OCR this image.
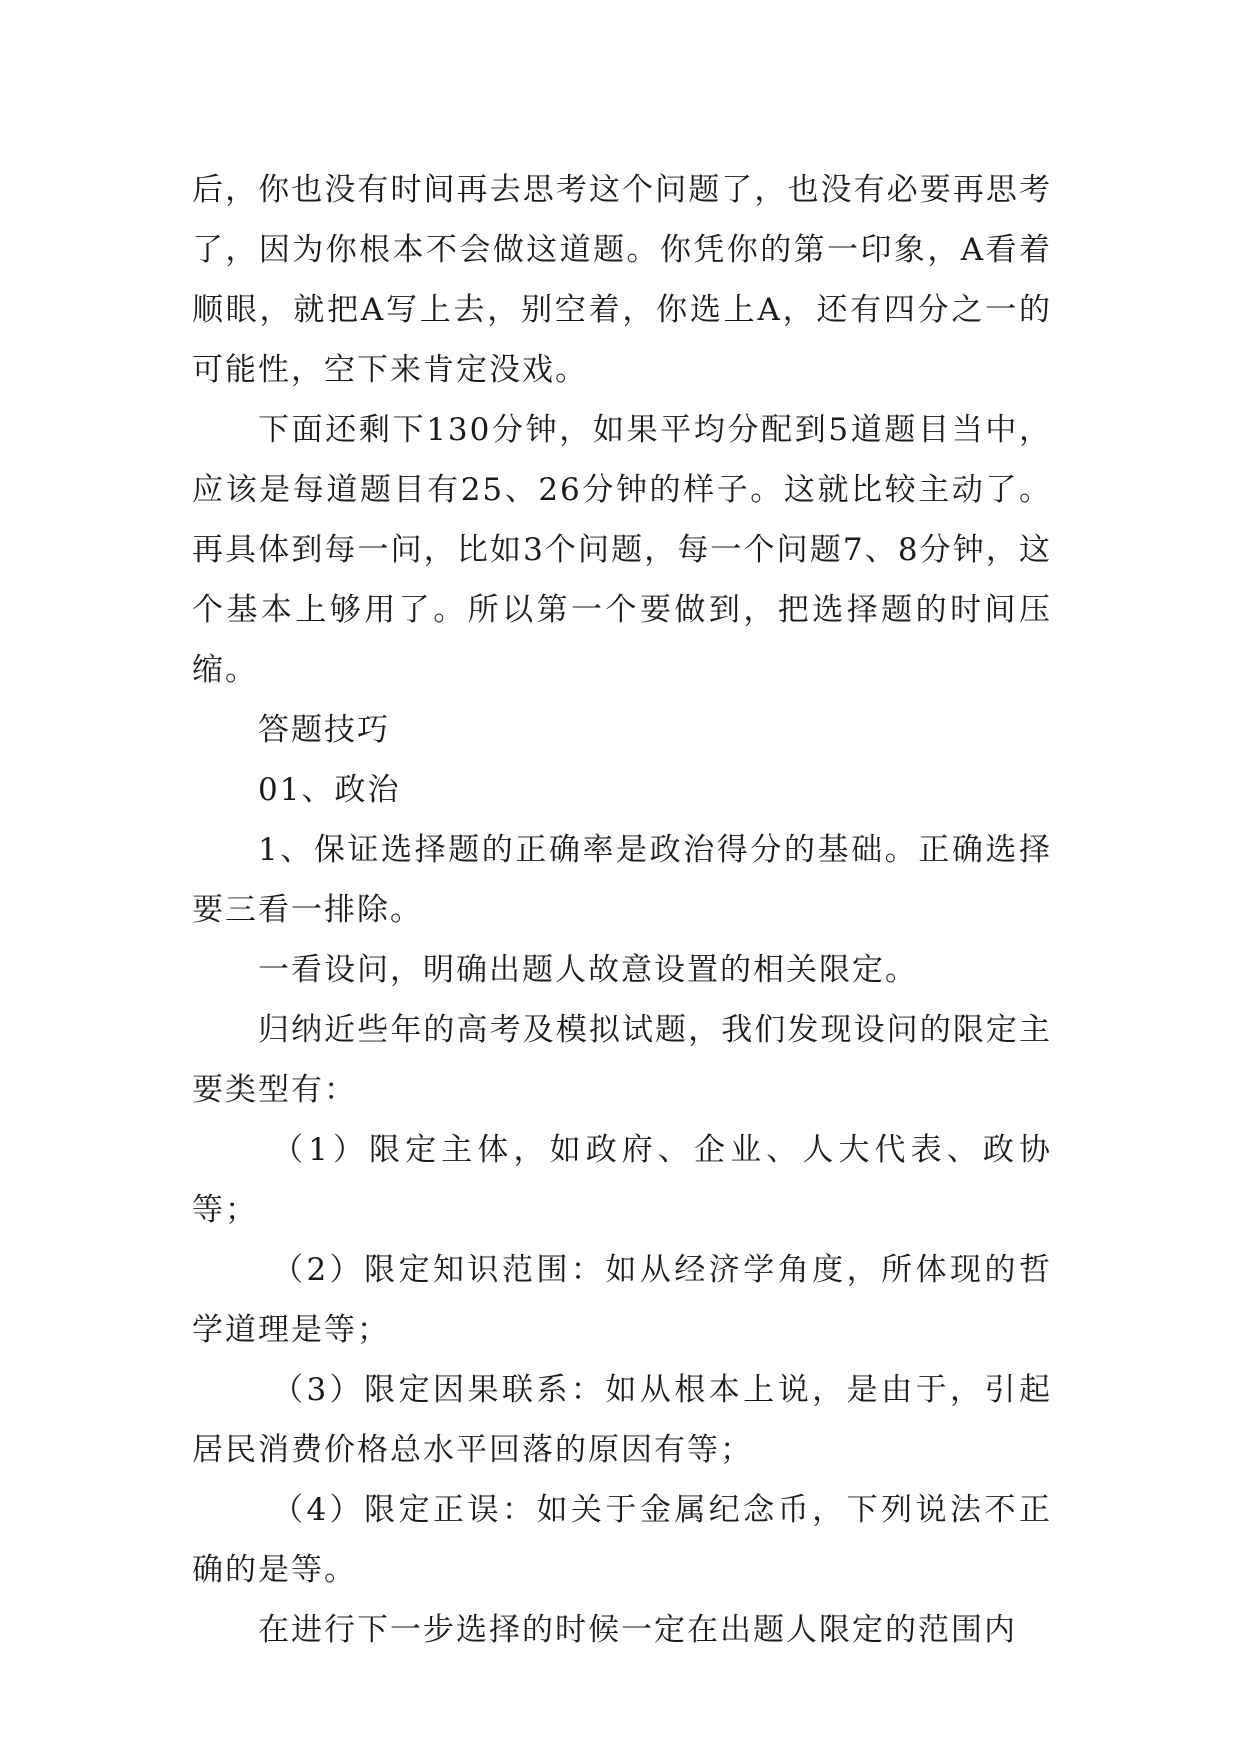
后，你也没有时间再去思考这个问题了，也没有必要再思考了，因为你根本不会做这道题。你凭你的第一印象，A看着顺眼，就把A写上去，别空着，你选上A，还有四分之一的可能性，空下来肯定没戏。

下面还剩下130分钟，如果平均分配到5道题目当中，应该是每道题目有25、26分钟的样子。这就比较主动了。再具体到每一问，比如3个问题，每一个问题7、8分钟，这个基本上够用了。所以第一个要做到，把选择题的时间压缩。

答题技巧

01、政治

1、保证选择题的正确率是政治得分的基础。正确选择要三看一排除。

一看设问，明确出题人故意设置的相关限定。

归纳近些年的高考及模拟试题，我们发现设问的限定主要类型有：

（1）限定主体，如政府、企业、人大代表、政协等；

（2）限定知识范围：如从经济学角度，所体现的哲学道理是等；

（3）限定因果联系：如从根本上说，是由于，引起居民消费价格总水平回落的原因有等；

（4）限定正误：如关于金属纪念币，下列说法不正确的是等。

在进行下一步选择的时候一定在出题人限定的范围内
